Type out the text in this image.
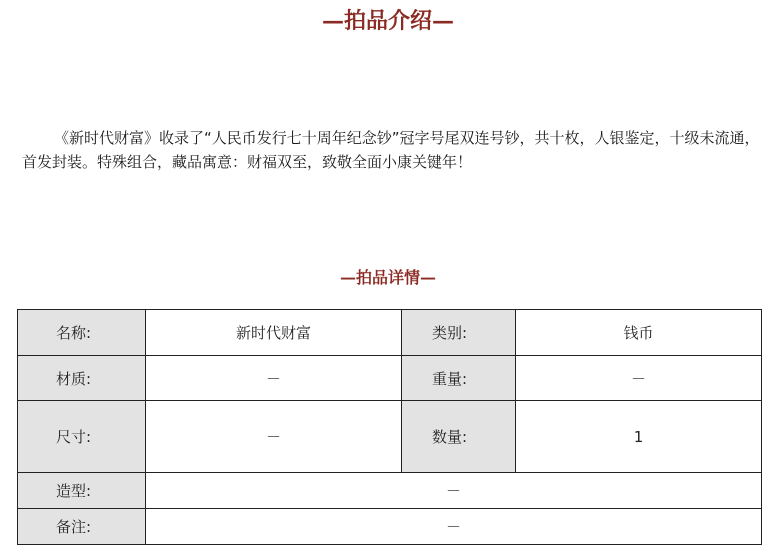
—拍品介绍—

《新时代财富》收录了“人民币发行七十周年纪念钞”冠字号尾双连号钞，共十枚，人银鉴定，十级未流通，首发封装。特殊组合，藏品寓意：财福双至，致敬全面小康关键年！

—拍品详情—
名称:	新时代财富	类别:	钱币
材质:	－	重量:	－
尺寸:	－	数量:	1
造型:	－		
备注:	－		
